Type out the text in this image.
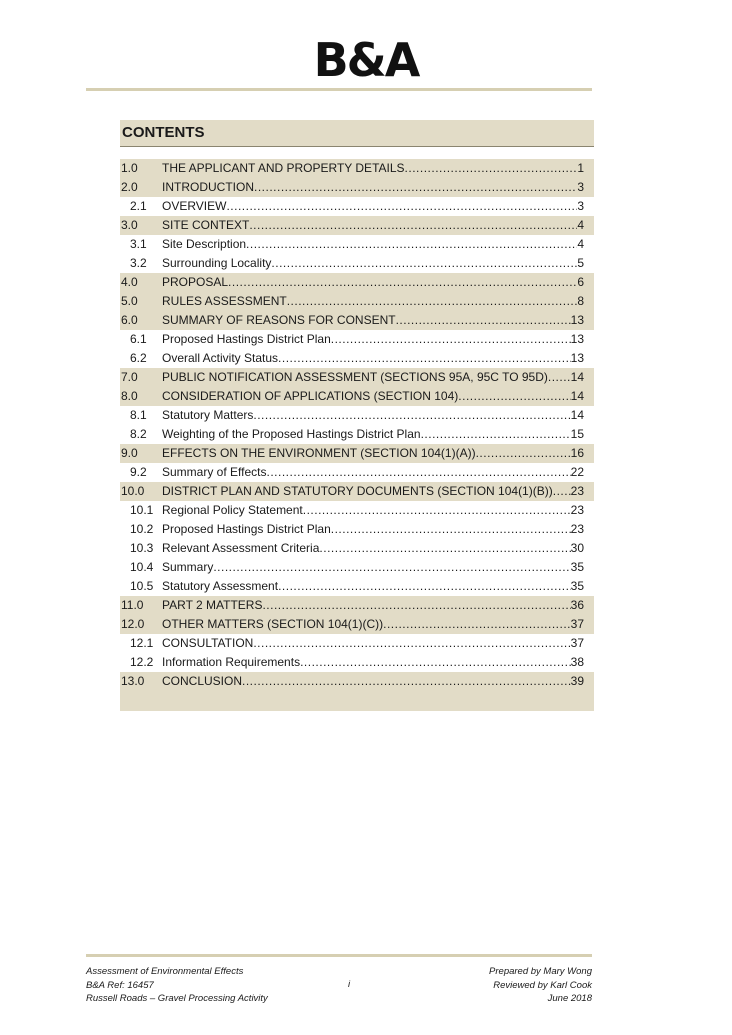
B&A
CONTENTS
1.0	THE APPLICANT AND PROPERTY DETAILS .....	1
2.0	INTRODUCTION .....	3
2.1	OVERVIEW .....	3
3.0	SITE CONTEXT .....	4
3.1	Site Description .....	4
3.2	Surrounding Locality .....	5
4.0	PROPOSAL .....	6
5.0	RULES ASSESSMENT .....	8
6.0	SUMMARY OF REASONS FOR CONSENT .....	13
6.1	Proposed Hastings District Plan .....	13
6.2	Overall Activity Status .....	13
7.0	PUBLIC NOTIFICATION ASSESSMENT (SECTIONS 95A, 95C TO 95D) ..... 14
8.0	CONSIDERATION OF APPLICATIONS (SECTION 104) .....	14
8.1	Statutory Matters .....	14
8.2	Weighting of the Proposed Hastings District Plan .....	15
9.0	EFFECTS ON THE ENVIRONMENT (SECTION 104(1)(A)) .....	16
9.2	Summary of Effects .....	22
10.0	DISTRICT PLAN AND STATUTORY DOCUMENTS (SECTION 104(1)(B)) ..... 23
10.1 Regional Policy Statement .....	23
10.2 Proposed Hastings District Plan .....	23
10.3 Relevant Assessment Criteria .....	30
10.4 Summary .....	35
10.5 Statutory Assessment .....	35
11.0	PART 2 MATTERS .....	36
12.0	OTHER MATTERS (SECTION 104(1)(C)) .....	37
12.1 CONSULTATION .....	37
12.2 Information Requirements .....	38
13.0	CONCLUSION .....	39
Assessment of Environmental Effects
B&A Ref: 16457
Russell Roads – Gravel Processing Activity
i
Prepared by Mary Wong
Reviewed by Karl Cook
June 2018
